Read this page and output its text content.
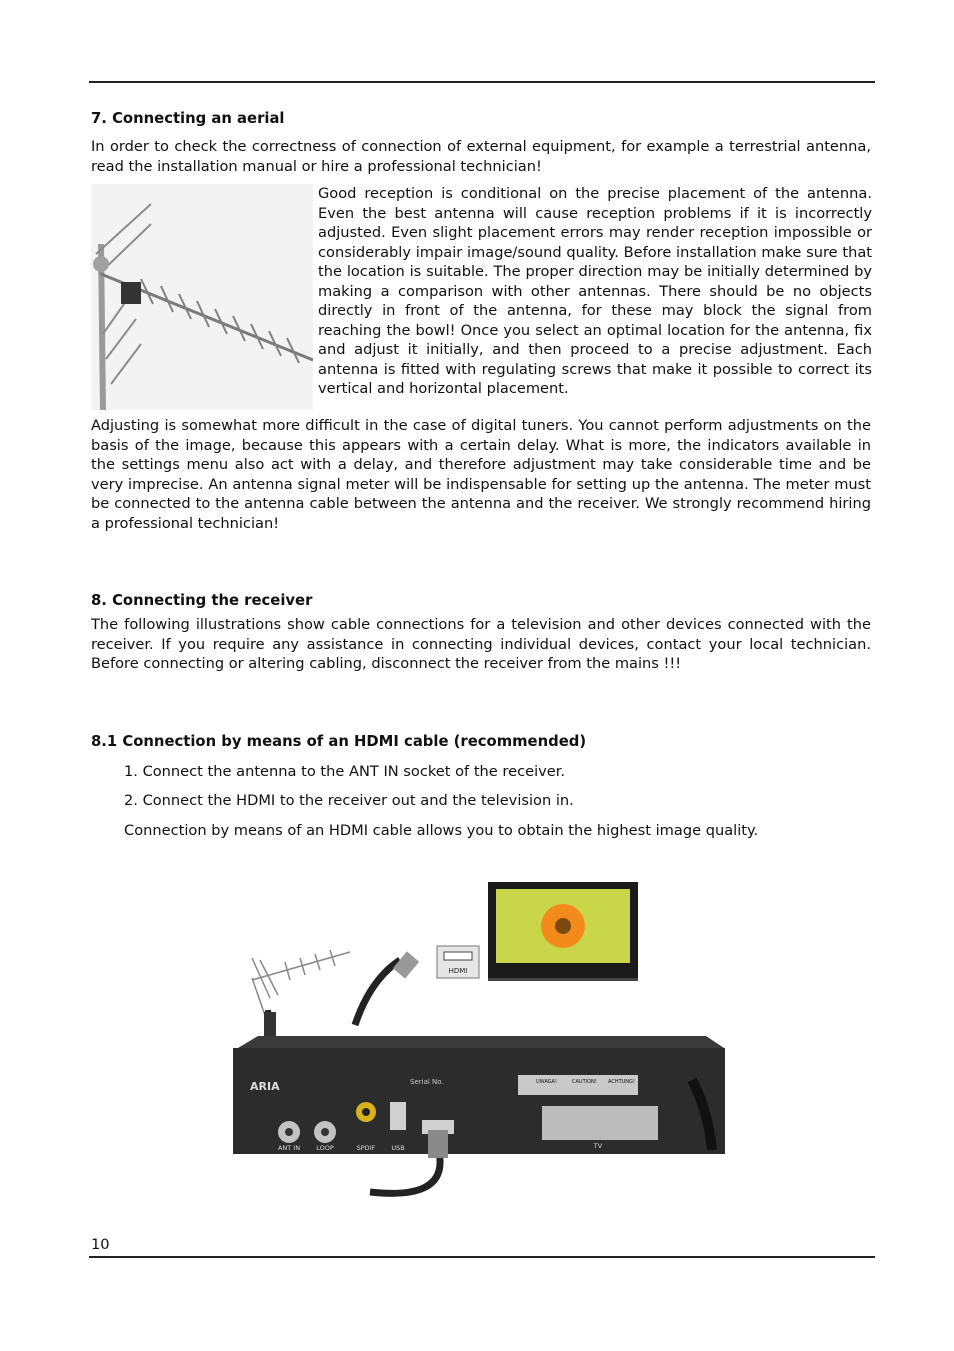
7. Connecting an aerial

In order to check the correctness of connection of external equipment, for example a terrestrial antenna, read the installation manual or hire a professional technician!

Good reception is conditional on the precise placement of the antenna. Even the best antenna will cause reception problems if it is incorrectly adjusted. Even slight placement errors may render reception impossible or considerably impair image/sound quality. Before installation make sure that the location is suitable. The proper direction may be initially determined by making a comparison with other antennas. There should be no objects directly in front of the antenna, for these may block the signal from reaching the bowl! Once you select an optimal location for the antenna, fix and adjust it initially, and then proceed to a precise adjustment. Each antenna is fitted with regulating screws that make it possible to correct its vertical and horizontal placement.

Adjusting is somewhat more difficult in the case of digital tuners. You cannot perform adjustments on the basis of the image, because this appears with a certain delay. What is more, the indicators available in the settings menu also act with a delay, and therefore adjustment may take considerable time and be very imprecise. An antenna signal meter will be indispensable for setting up the antenna. The meter must be connected to the antenna cable between the antenna and the receiver. We strongly recommend hiring a professional technician!

8. Connecting the receiver

The following illustrations show cable connections for a television and other devices connected with the receiver. If you require any assistance in connecting individual devices, contact your local technician. Before connecting or altering cabling, disconnect the receiver from the mains !!!

8.1 Connection by means of an HDMI cable (recommended)

1. Connect the antenna to the ANT IN socket of the receiver.

2. Connect the HDMI to the receiver out and the television in.

Connection by means of an HDMI cable allows you to obtain the highest image quality.

HDMI
ARIA	Serial No.	UWAGA!	CAUTION! ACHTUNG!
ANT IN LOOP	SPDIF USB	TV
10
